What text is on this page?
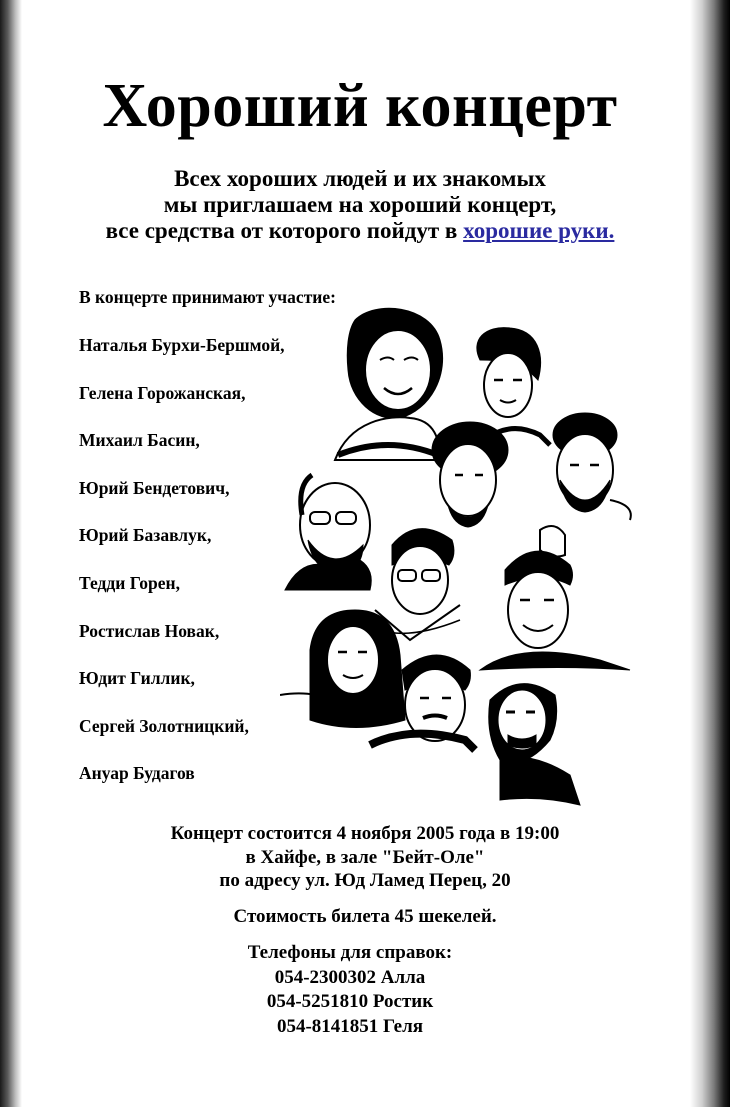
Хороший концерт
Всех хороших людей и их знакомых
мы приглашаем на хороший концерт,
все средства от которого пойдут в хорошие руки.
В концерте принимают участие:
Наталья Бурхи-Бершмой,
Гелена Горожанская,
Михаил Басин,
Юрий Бендетович,
Юрий Базавлук,
Тедди Горен,
Ростислав Новак,
Юдит Гиллик,
Сергей Золотницкий,
Ануар Будагов
Концерт состоится 4 ноября 2005 года в 19:00
в Хайфе, в зале "Бейт-Оле"
по адресу ул. Юд Ламед Перец, 20
Стоимость билета 45 шекелей.
Телефоны для справок:
054-2300302 Алла
054-5251810 Ростик
054-8141851 Геля
